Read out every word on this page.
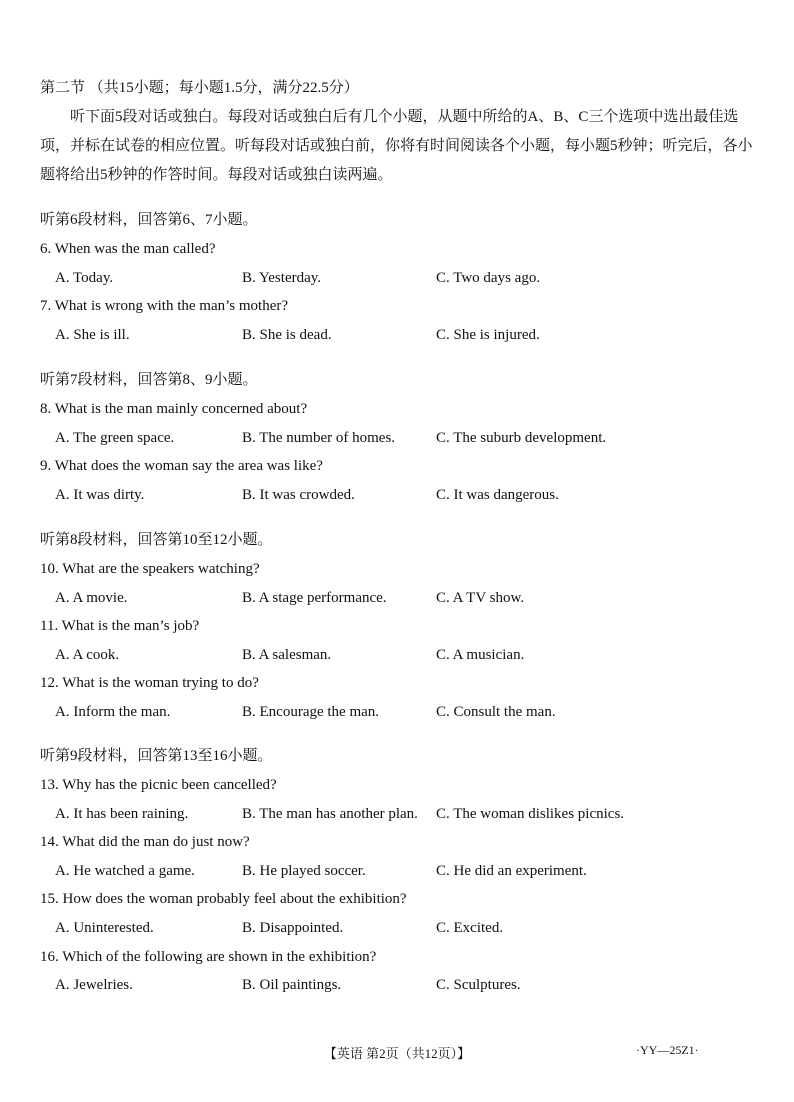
第二节 （共15小题；每小题1.5分，满分22.5分）
听下面5段对话或独白。每段对话或独白后有几个小题，从题中所给的A、B、C三个选项中选出最佳选项，并标在试卷的相应位置。听每段对话或独白前，你将有时间阅读各个小题，每小题5秒钟；听完后，各小题将给出5秒钟的作答时间。每段对话或独白读两遍。
听第6段材料，回答第6、7小题。
6. When was the man called?
A. Today.	B. Yesterday.	C. Two days ago.
7. What is wrong with the man’s mother?
A. She is ill.	B. She is dead.	C. She is injured.
听第7段材料，回答第8、9小题。
8. What is the man mainly concerned about?
A. The green space.	B. The number of homes.	C. The suburb development.
9. What does the woman say the area was like?
A. It was dirty.	B. It was crowded.	C. It was dangerous.
听第8段材料，回答第10至12小题。
10. What are the speakers watching?
A. A movie.	B. A stage performance.	C. A TV show.
11. What is the man’s job?
A. A cook.	B. A salesman.	C. A musician.
12. What is the woman trying to do?
A. Inform the man.	B. Encourage the man.	C. Consult the man.
听第9段材料，回答第13至16小题。
13. Why has the picnic been cancelled?
A. It has been raining.	B. The man has another plan. C. The woman dislikes picnics.
14. What did the man do just now?
A. He watched a game.	B. He played soccer.	C. He did an experiment.
15. How does the woman probably feel about the exhibition?
A. Uninterested.	B. Disappointed.	C. Excited.
16. Which of the following are shown in the exhibition?
A. Jewelries.	B. Oil paintings.	C. Sculptures.
【英语 第2页（共12页）】	·YY—25Z1·
